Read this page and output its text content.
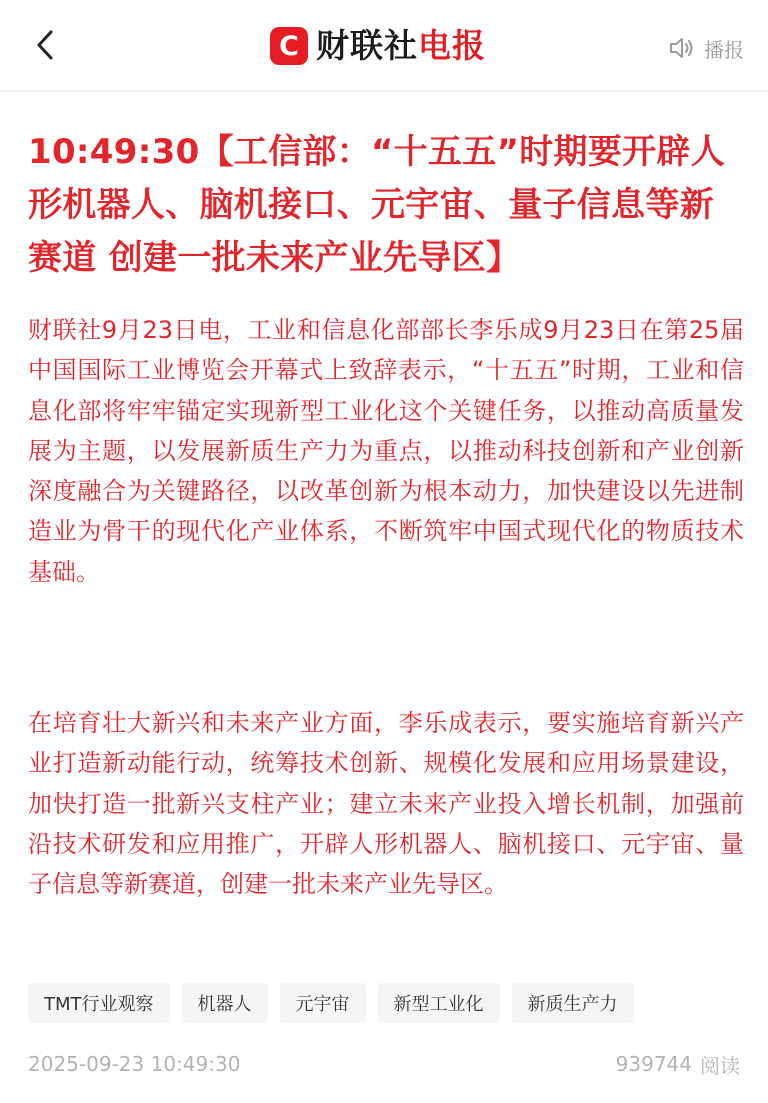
C 财联社电报	播报
10:49:30【工信部：“十五五”时期要开辟人形机器人、脑机接口、元宇宙、量子信息等新赛道 创建一批未来产业先导区】

财联社9月23日电，工业和信息化部部长李乐成9月23日在第25届中国国际工业博览会开幕式上致辞表示，“十五五”时期，工业和信息化部将牢牢锚定实现新型工业化这个关键任务，以推动高质量发展为主题，以发展新质生产力为重点，以推动科技创新和产业创新深度融合为关键路径，以改革创新为根本动力，加快建设以先进制造业为骨干的现代化产业体系，不断筑牢中国式现代化的物质技术基础。

在培育壮大新兴和未来产业方面，李乐成表示，要实施培育新兴产业打造新动能行动，统筹技术创新、规模化发展和应用场景建设，加快打造一批新兴支柱产业；建立未来产业投入增长机制，加强前沿技术研发和应用推广，开辟人形机器人、脑机接口、元宇宙、量子信息等新赛道，创建一批未来产业先导区。

TMT行业观察	机器人	元宇宙	新型工业化	新质生产力
2025-09-23 10:49:30	939744 阅读
